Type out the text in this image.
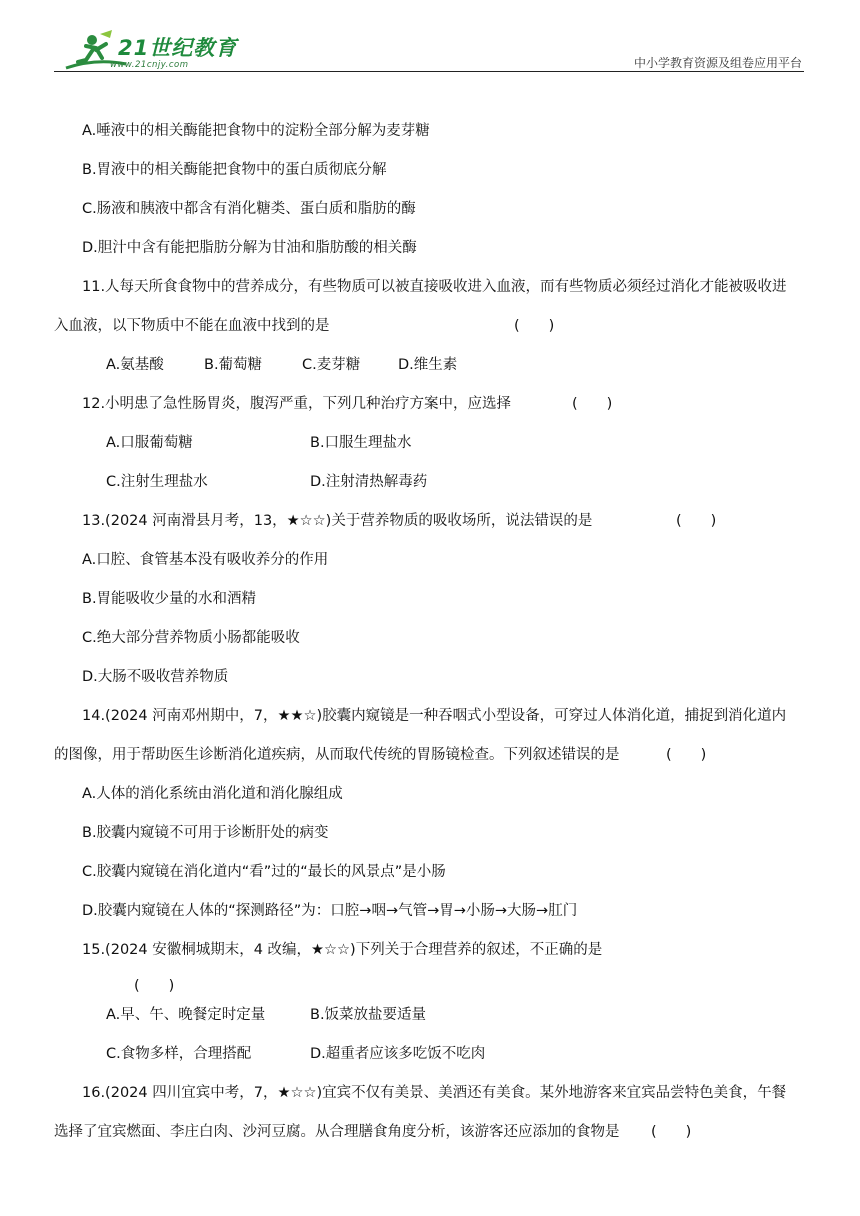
21世纪教育
www.21cnjy.com	中小学教育资源及组卷应用平台
A.唾液中的相关酶能把食物中的淀粉全部分解为麦芽糖
B.胃液中的相关酶能把食物中的蛋白质彻底分解
C.肠液和胰液中都含有消化糖类、蛋白质和脂肪的酶
D.胆汁中含有能把脂肪分解为甘油和脂肪酸的相关酶
11.人每天所食食物中的营养成分，有些物质可以被直接吸收进入血液，而有些物质必须经过消化才能被吸收进
入血液，以下物质中不能在血液中找到的是	(　　)
A.氨基酸	B.葡萄糖	C.麦芽糖	D.维生素
12.小明患了急性肠胃炎，腹泻严重，下列几种治疗方案中，应选择	(　　)
A.口服葡萄糖	B.口服生理盐水
C.注射生理盐水	D.注射清热解毒药
13.(2024 河南滑县月考，13，★☆☆)关于营养物质的吸收场所，说法错误的是	(　　)
A.口腔、食管基本没有吸收养分的作用
B.胃能吸收少量的水和酒精
C.绝大部分营养物质小肠都能吸收
D.大肠不吸收营养物质
14.(2024 河南邓州期中，7，★★☆)胶囊内窥镜是一种吞咽式小型设备，可穿过人体消化道，捕捉到消化道内
的图像，用于帮助医生诊断消化道疾病，从而取代传统的胃肠镜检查。下列叙述错误的是	(　　)
A.人体的消化系统由消化道和消化腺组成
B.胶囊内窥镜不可用于诊断肝处的病变
C.胶囊内窥镜在消化道内“看”过的“最长的风景点”是小肠
D.胶囊内窥镜在人体的“探测路径”为：口腔→咽→气管→胃→小肠→大肠→肛门
15.(2024 安徽桐城期末，4 改编，★☆☆)下列关于合理营养的叙述，不正确的是
(　　)
A.早、午、晚餐定时定量	B.饭菜放盐要适量
C.食物多样，合理搭配	D.超重者应该多吃饭不吃肉
16.(2024 四川宜宾中考，7，★☆☆)宜宾不仅有美景、美酒还有美食。某外地游客来宜宾品尝特色美食，午餐
选择了宜宾燃面、李庄白肉、沙河豆腐。从合理膳食角度分析，该游客还应添加的食物是 (　　)
